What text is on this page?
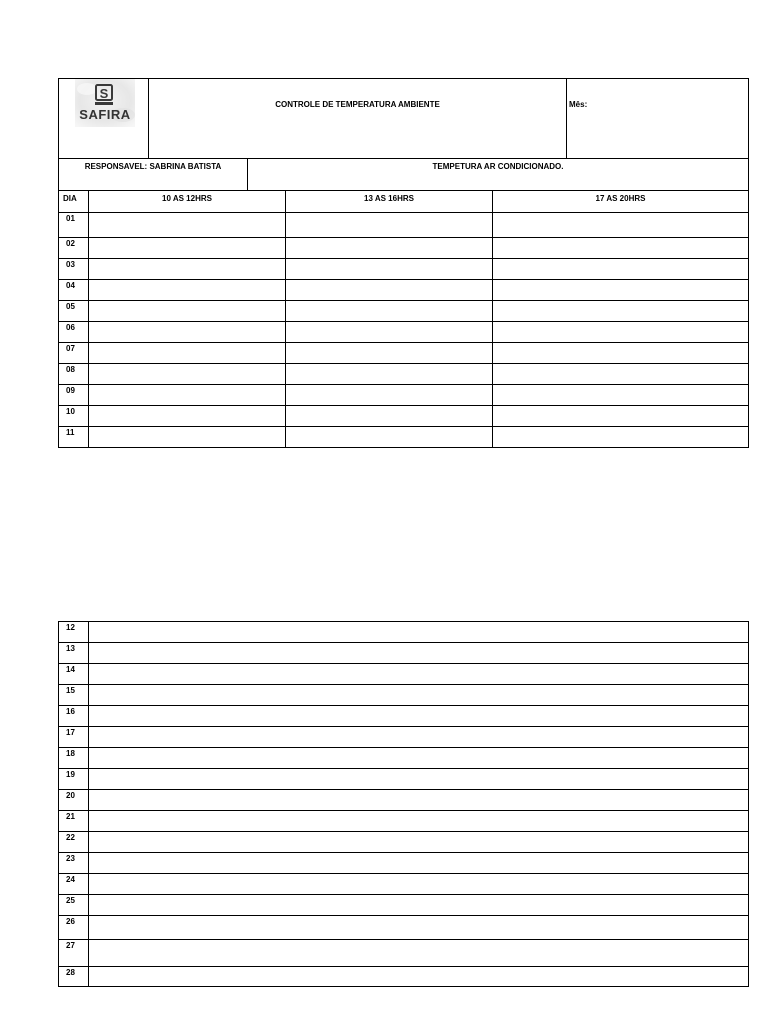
S
SAFIRA
CONTROLE DE TEMPERATURA AMBIENTE	Mês:
RESPONSAVEL: SABRINA BATISTA	TEMPETURA AR CONDICIONADO.
DIA	10 AS 12HRS	13 AS 16HRS	17 AS 20HRS
01
02
03
04
05
06
07
08
09
10
11
12
13
14
15
16
17
18
19
20
21
22
23
24
25
26
27
28
